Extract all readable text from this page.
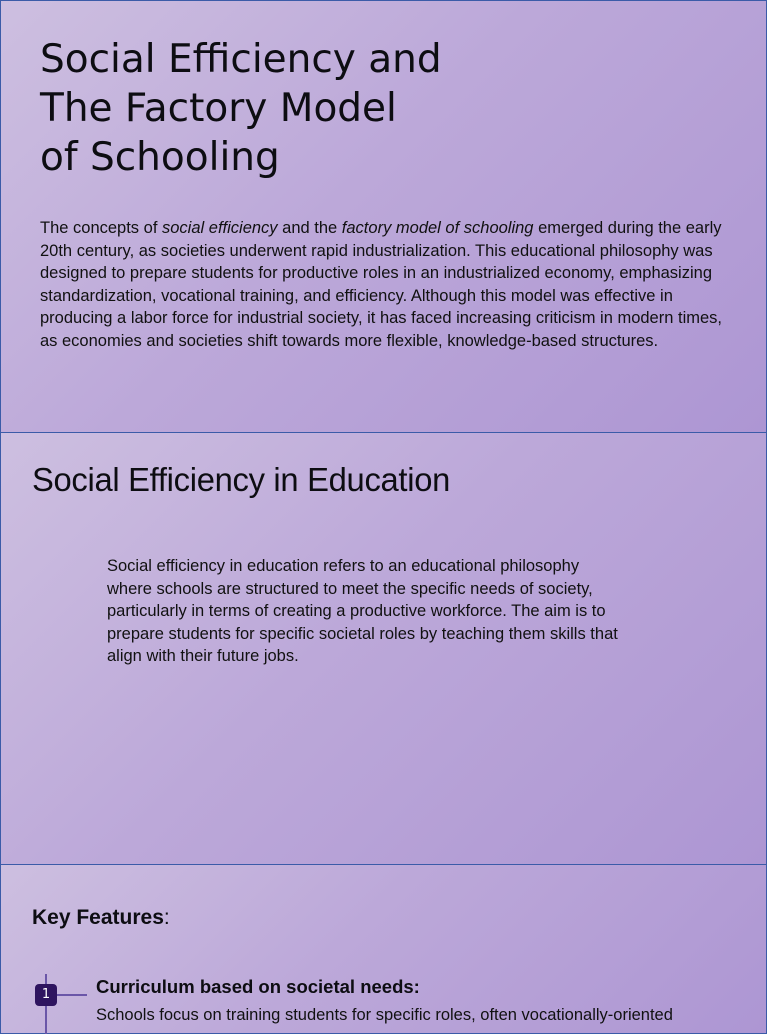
Social Efficiency and
The Factory Model
of Schooling

The concepts of social efficiency and the factory model of schooling emerged during the early 20th century, as societies underwent rapid industrialization. This educational philosophy was designed to prepare students for productive roles in an industrialized economy, emphasizing standardization, vocational training, and efficiency. Although this model was effective in producing a labor force for industrial society, it has faced increasing criticism in modern times, as economies and societies shift towards more flexible, knowledge-based structures.

Social Efficiency in Education

Social efficiency in education refers to an educational philosophy where schools are structured to meet the specific needs of society, particularly in terms of creating a productive workforce. The aim is to prepare students for specific societal roles by teaching them skills that align with their future jobs.

Key Features:

1	Curriculum based on societal needs:

Schools focus on training students for specific roles, often vocationally-oriented
